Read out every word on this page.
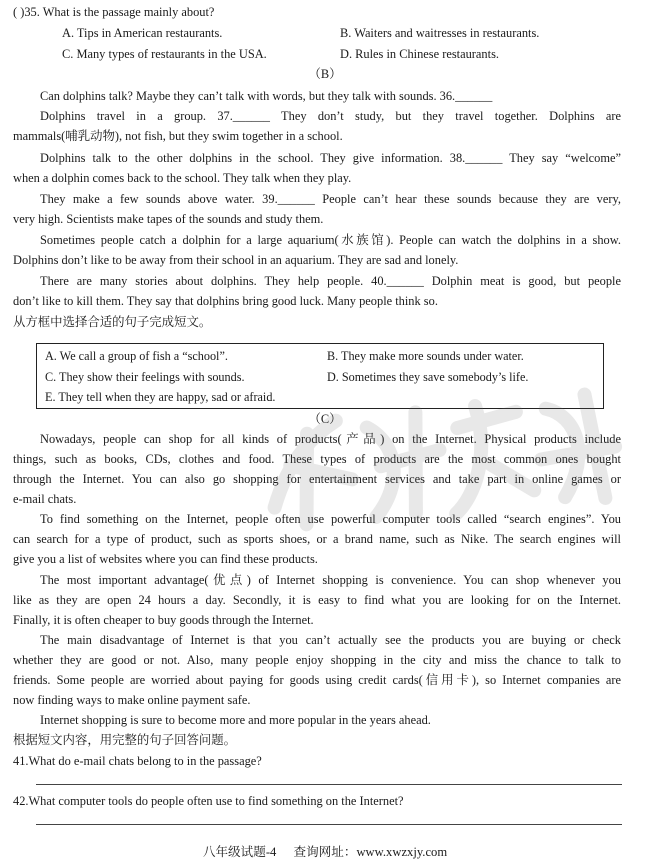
( )35. What is the passage mainly about?
A. Tips in American restaurants.	B. Waiters and waitresses in restaurants.
C. Many types of restaurants in the USA.	D. Rules in Chinese restaurants.
（B）
Can dolphins talk? Maybe they can’t talk with words, but they talk with sounds. 36.______
Dolphins travel in a group. 37.______ They don’t study, but they travel together. Dolphins are
mammals(哺乳动物), not fish, but they swim together in a school.
Dolphins talk to the other dolphins in the school. They give information. 38.______ They say “welcome”
when a dolphin comes back to the school. They talk when they play.
They make a few sounds above water. 39.______ People can’t hear these sounds because they are very,
very high. Scientists make tapes of the sounds and study them.
Sometimes people catch a dolphin for a large aquarium(水族馆). People can watch the dolphins in a show.
Dolphins don’t like to be away from their school in an aquarium. They are sad and lonely.
There are many stories about dolphins. They help people. 40.______ Dolphin meat is good, but people
don’t like to kill them. They say that dolphins bring good luck. Many people think so.
从方框中选择合适的句子完成短文。
A. We call a group of fish a “school”.	B. They make more sounds under water.
C. They show their feelings with sounds.	D. Sometimes they save somebody’s life.
E. They tell when they are happy, sad or afraid.
（C）
Nowadays, people can shop for all kinds of products(产品) on the Internet. Physical products include
things, such as books, CDs, clothes and food. These types of products are the most common ones bought
through the Internet. You can also go shopping for entertainment services and take part in online games or
e-mail chats.
To find something on the Internet, people often use powerful computer tools called “search engines”. You
can search for a type of product, such as sports shoes, or a brand name, such as Nike. The search engines will
give you a list of websites where you can find these products.
The most important advantage(优点) of Internet shopping is convenience. You can shop whenever you
like as they are open 24 hours a day. Secondly, it is easy to find what you are looking for on the Internet.
Finally, it is often cheaper to buy goods through the Internet.
The main disadvantage of Internet is that you can’t actually see the products you are buying or check
whether they are good or not. Also, many people enjoy shopping in the city and miss the chance to talk to
friends. Some people are worried about paying for goods using credit cards(信用卡), so Internet companies are
now finding ways to make online payment safe.
Internet shopping is sure to become more and more popular in the years ahead.
根据短文内容，用完整的句子回答问题。
41.What do e-mail chats belong to in the passage?
42.What computer tools do people often use to find something on the Internet?
八年级试题-4 查询网址：www.xwzxjy.com
